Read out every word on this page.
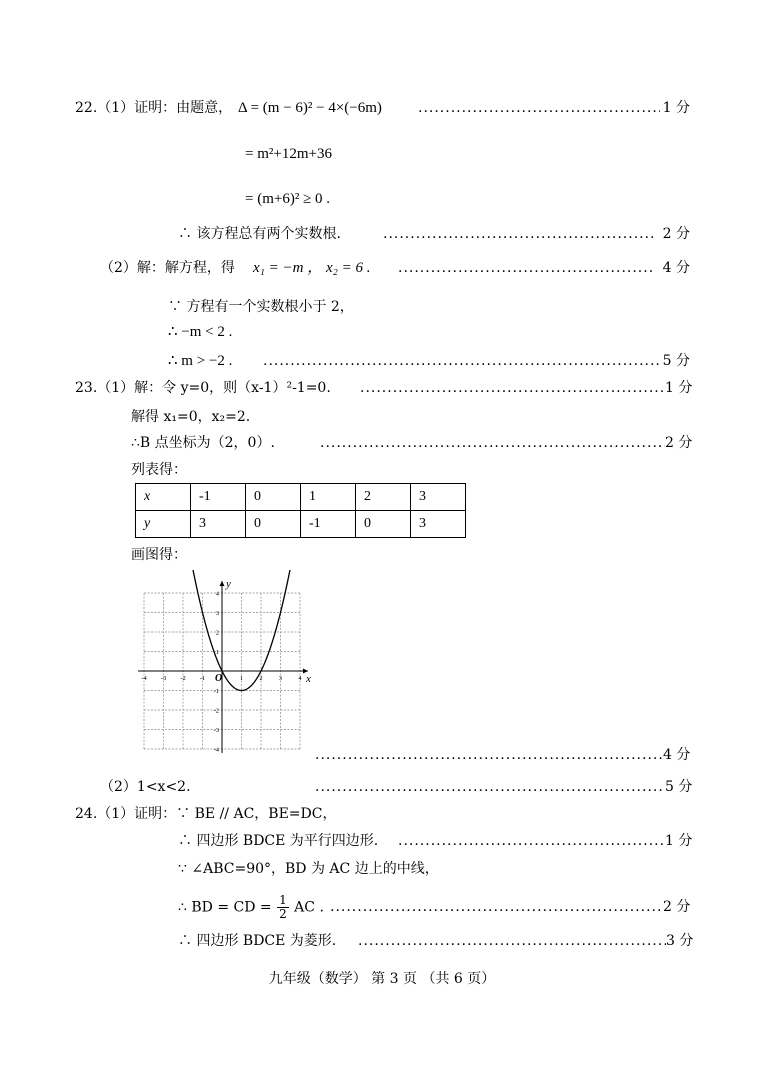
22.（1）证明：由题意， Δ = (m − 6)² − 4×(−6m) .....	1 分
= m²+12m+36
= (m+6)² ≥ 0 .
∴ 该方程总有两个实数根. .....	2 分
（2）解：解方程，得 x₁ = −m ， x₂ = 6 . .....	4 分
∵ 方程有一个实数根小于 2，
∴ −m < 2 .
∴ m > −2 . .....	5 分
23.（1）解：令 y=0，则（x-1）²-1=0. .....	1 分
解得 x₁=0，x₂=2.
∴B 点坐标为（2，0）. .....	2 分
列表得：
x	-1	0	1	2	3
y	3	0	-1	0	3
画图得：
-4 -3 -2 -1	1	2	3	4
4
3
2
1
-1
-2
-3
-4
x
y
O
.....
4 分
（2）1<x<2. .....	5 分
24.（1）证明：∵ BE // AC，BE=DC，
∴ 四边形 BDCE 为平行四边形. .....	1 分
∵ ∠ABC=90°，BD 为 AC 边上的中线，
∴ BD = CD = $\frac{1}{2}$ AC . .....	2 分
∴ 四边形 BDCE 为菱形. .....	3 分
九年级（数学） 第 3 页 （共 6 页）
